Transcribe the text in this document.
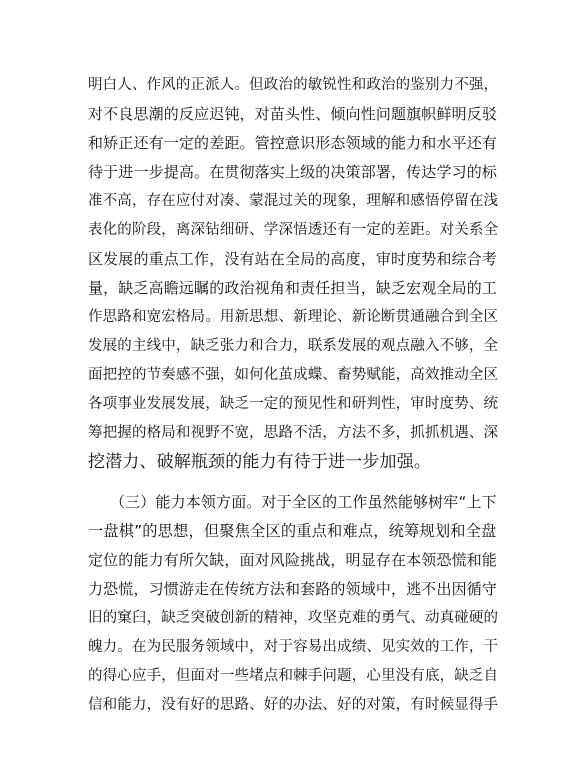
明白人、作风的正派人。但政治的敏锐性和政治的鉴别力不强，
对不良思潮的反应迟钝，对苗头性、倾向性问题旗帜鲜明反驳
和矫正还有一定的差距。管控意识形态领域的能力和水平还有
待于进一步提高。在贯彻落实上级的决策部署，传达学习的标
准不高，存在应付对凑、蒙混过关的现象，理解和感悟停留在浅
表化的阶段，离深钻细研、学深悟透还有一定的差距。对关系全
区发展的重点工作，没有站在全局的高度，审时度势和综合考
量，缺乏高瞻远瞩的政治视角和责任担当，缺乏宏观全局的工
作思路和宽宏格局。用新思想、新理论、新论断贯通融合到全区
发展的主线中，缺乏张力和合力，联系发展的观点融入不够，全
面把控的节奏感不强，如何化茧成蝶、畜势赋能，高效推动全区
各项事业发展发展，缺乏一定的预见性和研判性，审时度势、统
筹把握的格局和视野不宽，思路不活，方法不多，抓抓机遇、深
挖潜力、破解瓶颈的能力有待于进一步加强。
（三）能力本领方面。对于全区的工作虽然能够树牢“上下
一盘棋”的思想，但聚焦全区的重点和难点，统筹规划和全盘
定位的能力有所欠缺，面对风险挑战，明显存在本领恐慌和能
力恐慌，习惯游走在传统方法和套路的领域中，逃不出因循守
旧的窠臼，缺乏突破创新的精神，攻坚克难的勇气、动真碰硬的
魄力。在为民服务领域中，对于容易出成绩、见实效的工作，干
的得心应手，但面对一些堵点和棘手问题，心里没有底，缺乏自
信和能力，没有好的思路、好的办法、好的对策，有时候显得手
